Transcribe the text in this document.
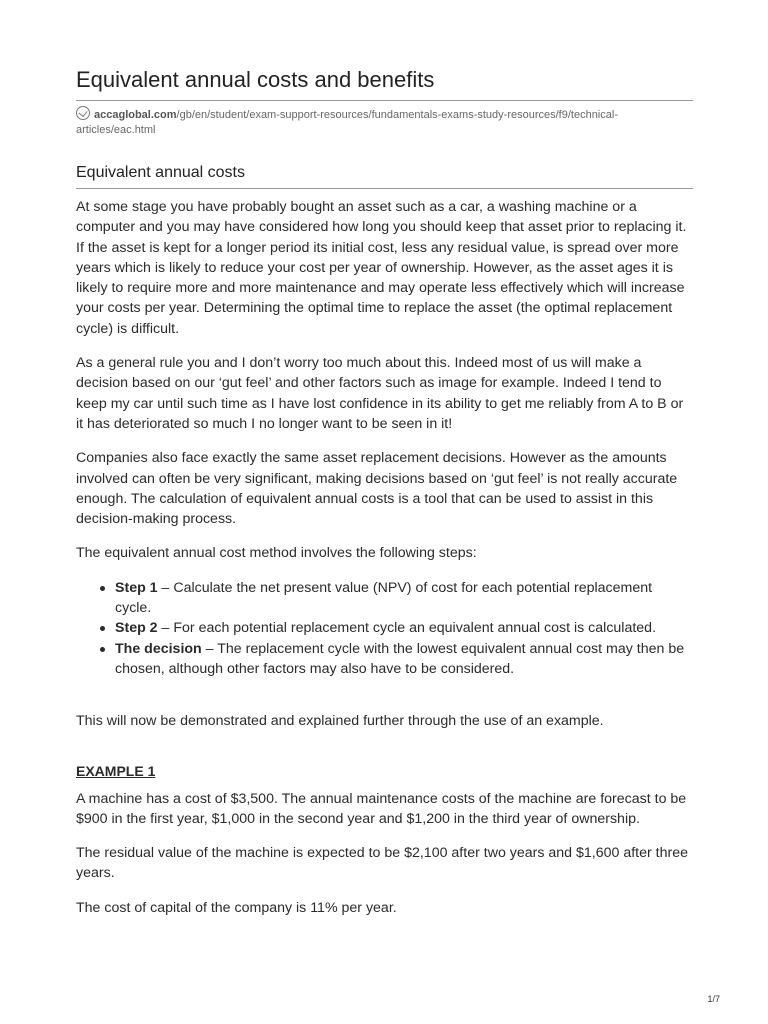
Equivalent annual costs and benefits
accaglobal.com/gb/en/student/exam-support-resources/fundamentals-exams-study-resources/f9/technical-articles/eac.html
Equivalent annual costs

At some stage you have probably bought an asset such as a car, a washing machine or a computer and you may have considered how long you should keep that asset prior to replacing it. If the asset is kept for a longer period its initial cost, less any residual value, is spread over more years which is likely to reduce your cost per year of ownership. However, as the asset ages it is likely to require more and more maintenance and may operate less effectively which will increase your costs per year. Determining the optimal time to replace the asset (the optimal replacement cycle) is difficult.

As a general rule you and I don’t worry too much about this. Indeed most of us will make a decision based on our ‘gut feel’ and other factors such as image for example. Indeed I tend to keep my car until such time as I have lost confidence in its ability to get me reliably from A to B or it has deteriorated so much I no longer want to be seen in it!

Companies also face exactly the same asset replacement decisions. However as the amounts involved can often be very significant, making decisions based on ‘gut feel’ is not really accurate enough. The calculation of equivalent annual costs is a tool that can be used to assist in this decision-making process.

The equivalent annual cost method involves the following steps:

Step 1 – Calculate the net present value (NPV) of cost for each potential replacement cycle.
Step 2 – For each potential replacement cycle an equivalent annual cost is calculated.
The decision – The replacement cycle with the lowest equivalent annual cost may then be chosen, although other factors may also have to be considered.

This will now be demonstrated and explained further through the use of an example.

EXAMPLE 1

A machine has a cost of $3,500. The annual maintenance costs of the machine are forecast to be $900 in the first year, $1,000 in the second year and $1,200 in the third year of ownership.

The residual value of the machine is expected to be $2,100 after two years and $1,600 after three years.

The cost of capital of the company is 11% per year.

1/7
